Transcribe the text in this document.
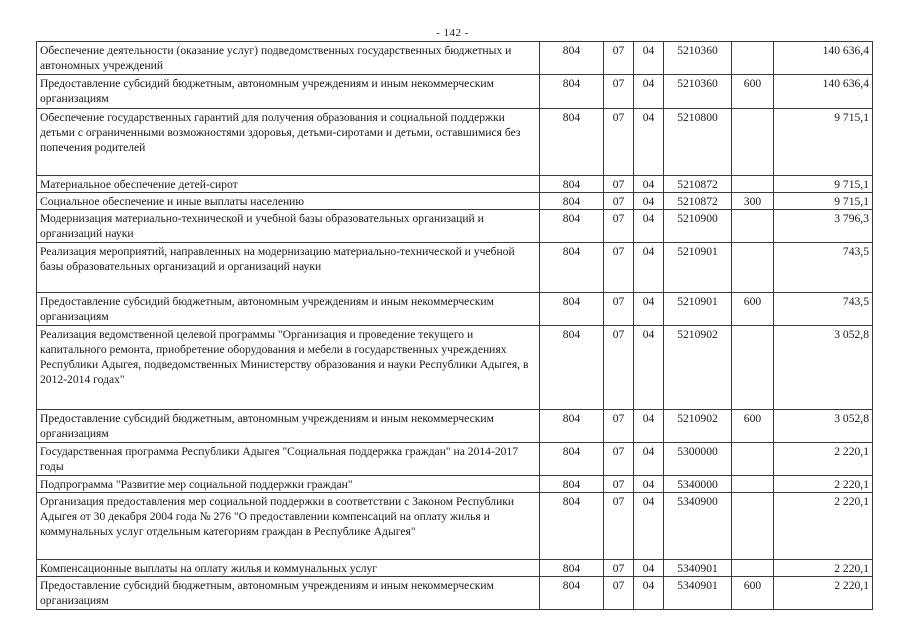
- 142 -
Обеспечение деятельности (оказание услуг) подведомственных государственных бюджетных и автономных учреждений	804	07	04	5210360		140 636,4
Предоставление субсидий бюджетным, автономным учреждениям и иным некоммерческим организациям	804	07	04	5210360	600	140 636,4
Обеспечение государственных гарантий для получения образования и социальной поддержки детьми с ограниченными возможностями здоровья, детьми-сиротами и детьми, оставшимися без попечения родителей	804	07	04	5210800		9 715,1
Материальное обеспечение детей-сирот	804	07	04	5210872		9 715,1
Социальное обеспечение и иные выплаты населению	804	07	04	5210872	300	9 715,1
Модернизация материально-технической и учебной базы образовательных организаций и организаций науки	804	07	04	5210900		3 796,3
Реализация мероприятий, направленных на модернизацию материально-технической и учебной базы образовательных организаций и организаций науки	804	07	04	5210901		743,5
Предоставление субсидий бюджетным, автономным учреждениям и иным некоммерческим организациям	804	07	04	5210901	600	743,5
Реализация ведомственной целевой программы "Организация и проведение текущего и капитального ремонта, приобретение оборудования и мебели в государственных учреждениях Республики Адыгея, подведомственных Министерству образования и науки Республики Адыгея, в 2012-2014 годах"	804	07	04	5210902		3 052,8
Предоставление субсидий бюджетным, автономным учреждениям и иным некоммерческим организациям	804	07	04	5210902	600	3 052,8
Государственная программа Республики Адыгея "Социальная поддержка граждан" на 2014-2017 годы	804	07	04	5300000		2 220,1
Подпрограмма "Развитие мер социальной поддержки граждан"	804	07	04	5340000		2 220,1
Организация предоставления мер социальной поддержки в соответствии с Законом Республики Адыгея от 30 декабря 2004 года № 276 "О предоставлении компенсаций на оплату жилья и коммунальных услуг отдельным категориям граждан в Республике Адыгея"	804	07	04	5340900		2 220,1
Компенсационные выплаты на оплату жилья и коммунальных услуг	804	07	04	5340901		2 220,1
Предоставление субсидий бюджетным, автономным учреждениям и иным некоммерческим организациям	804	07	04	5340901	600	2 220,1
